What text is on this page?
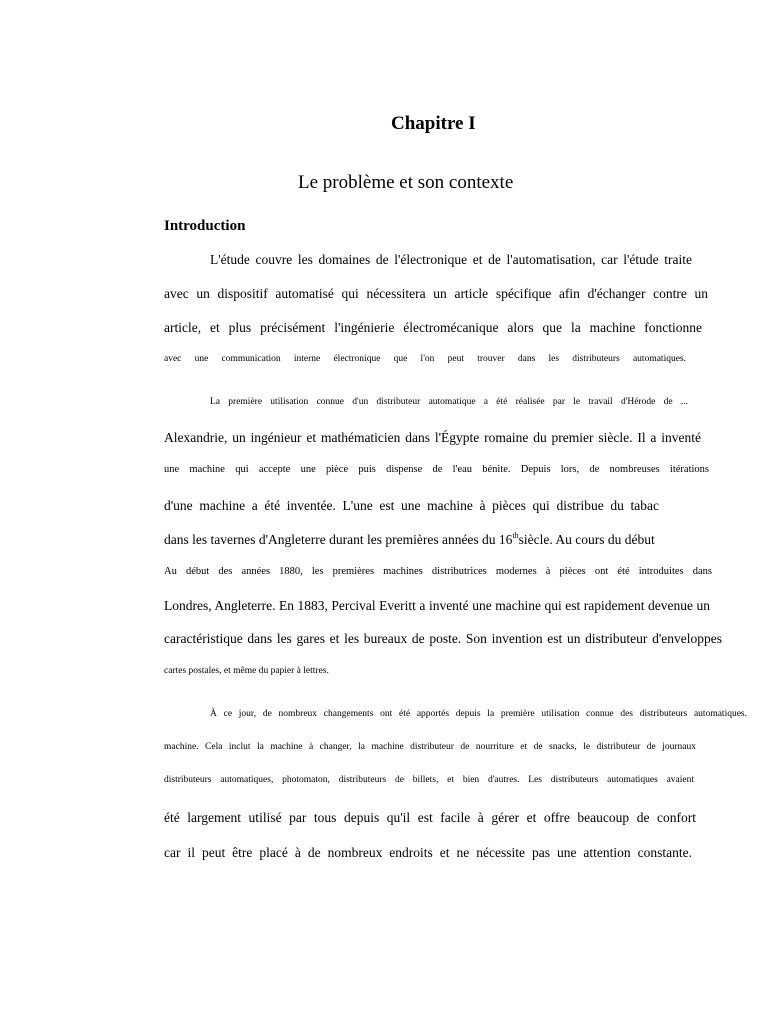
Chapitre I
Le problème et son contexte
Introduction
L'étude couvre les domaines de l'électronique et de l'automatisation, car l'étude traite
avec un dispositif automatisé qui nécessitera un article spécifique afin d'échanger contre un
article, et plus précisément l'ingénierie électromécanique alors que la machine fonctionne
avec une communication interne électronique que l'on peut trouver dans les distributeurs automatiques.
La première utilisation connue d'un distributeur automatique a été réalisée par le travail d'Hérode de ...
Alexandrie, un ingénieur et mathématicien dans l'Égypte romaine du premier siècle. Il a inventé
une machine qui accepte une pièce puis dispense de l'eau bénite. Depuis lors, de nombreuses itérations
d'une machine a été inventée. L'une est une machine à pièces qui distribue du tabac
dans les tavernes d'Angleterre durant les premières années du 16thsiècle. Au cours du début
Au début des années 1880, les premières machines distributrices modernes à pièces ont été introduites dans
Londres, Angleterre. En 1883, Percival Everitt a inventé une machine qui est rapidement devenue un
caractéristique dans les gares et les bureaux de poste. Son invention est un distributeur d'enveloppes
cartes postales, et même du papier à lettres.
À ce jour, de nombreux changements ont été apportés depuis la première utilisation connue des distributeurs automatiques.
machine. Cela inclut la machine à changer, la machine distributeur de nourriture et de snacks, le distributeur de journaux
distributeurs automatiques, photomaton, distributeurs de billets, et bien d'autres. Les distributeurs automatiques avaient
été largement utilisé par tous depuis qu'il est facile à gérer et offre beaucoup de confort
car il peut être placé à de nombreux endroits et ne nécessite pas une attention constante.
